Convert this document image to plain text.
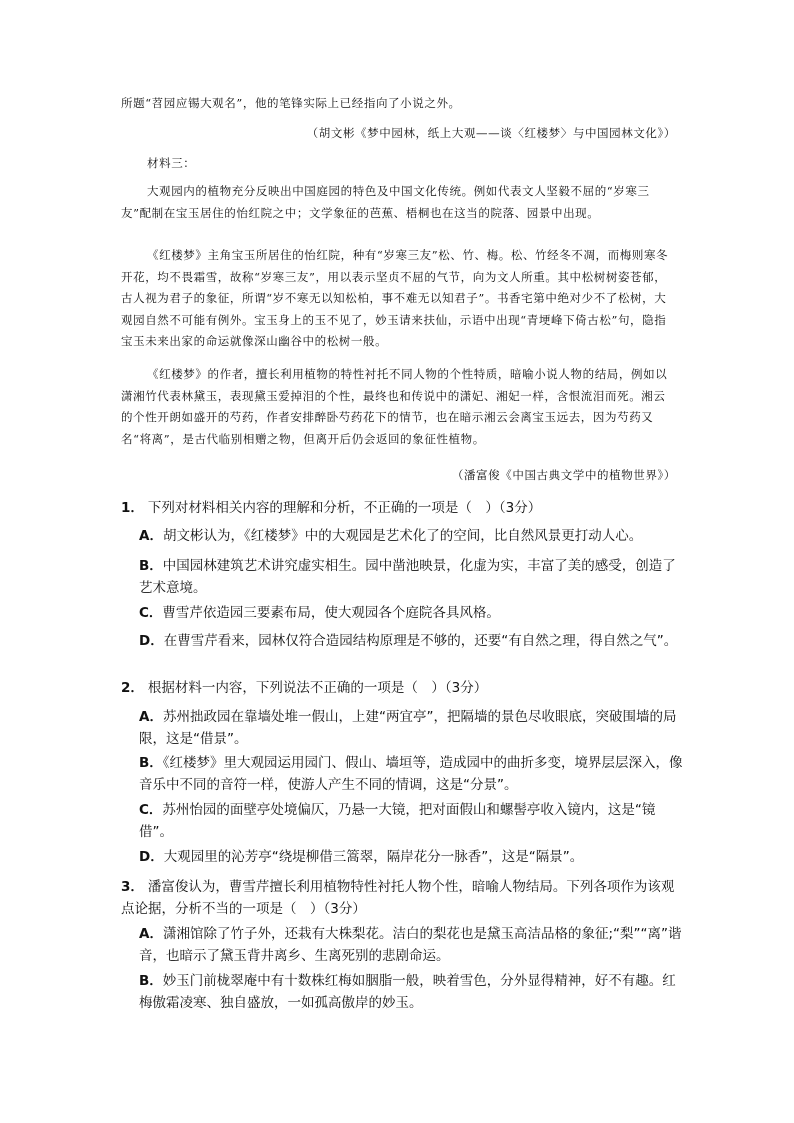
所题“苕园应锡大观名”，他的笔锋实际上已经指向了小说之外。
（胡文彬《梦中园林，纸上大观——谈〈红楼梦〉与中国园林文化》）
材料三：
大观园内的植物充分反映出中国庭园的特色及中国文化传统。例如代表文人坚毅不屈的“岁寒三友”配制在宝玉居住的怡红院之中；文学象征的芭蕉、梧桐也在这当的院落、园景中出现。
《红楼梦》主角宝玉所居住的怡红院，种有“岁寒三友”松、竹、梅。松、竹经冬不凋，而梅则寒冬开花，均不畏霜雪，故称“岁寒三友”，用以表示坚贞不屈的气节，向为文人所重。其中松树树姿苍郁，古人视为君子的象征，所谓“岁不寒无以知松柏，事不难无以知君子”。书香宅第中绝对少不了松树，大观园自然不可能有例外。宝玉身上的玉不见了，妙玉请来扶仙，示语中出现“青埂峰下倚古松”句，隐指宝玉未来出家的命运就像深山幽谷中的松树一般。
《红楼梦》的作者，擅长利用植物的特性衬托不同人物的个性特质，暗喻小说人物的结局，例如以潇湘竹代表林黛玉，表现黛玉爱掉泪的个性，最终也和传说中的潇妃、湘妃一样，含恨流泪而死。湘云的个性开朗如盛开的芍药，作者安排醉卧芍药花下的情节，也在暗示湘云会离宝玉远去，因为芍药又名“将离”，是古代临别相赠之物，但离开后仍会返回的象征性植物。
（潘富俊《中国古典文学中的植物世界》）
1． 下列对材料相关内容的理解和分析，不正确的一项是（　）（3分）
A．胡文彬认为，《红楼梦》中的大观园是艺术化了的空间，比自然风景更打动人心。
B．中国园林建筑艺术讲究虚实相生。园中凿池映景，化虚为实，丰富了美的感受，创造了艺术意境。
C．曹雪芹依造园三要素布局，使大观园各个庭院各具风格。
D．在曹雪芹看来，园林仅符合造园结构原理是不够的，还要“有自然之理，得自然之气”。
2． 根据材料一内容，下列说法不正确的一项是（　）（3分）
A．苏州拙政园在靠墙处堆一假山，上建“两宜亭”，把隔墙的景色尽收眼底，突破围墙的局限，这是“借景”。
B．《红楼梦》里大观园运用园门、假山、墙垣等，造成园中的曲折多变，境界层层深入，像音乐中不同的音符一样，使游人产生不同的情调，这是“分景”。
C．苏州怡园的面壁亭处境偏仄，乃悬一大镜，把对面假山和螺髻亭收入镜内，这是“镜借”。
D．大观园里的沁芳亭“绕堤柳借三篙翠，隔岸花分一脉香”，这是“隔景”。
3． 潘富俊认为，曹雪芹擅长利用植物特性衬托人物个性，暗喻人物结局。下列各项作为该观点论据，分析不当的一项是（　）（3分）
A．潇湘馆除了竹子外，还栽有大株梨花。洁白的梨花也是黛玉高洁品格的象征;“梨”“离”谐音，也暗示了黛玉背井离乡、生离死别的悲剧命运。
B．妙玉门前栊翠庵中有十数株红梅如胭脂一般，映着雪色，分外显得精神，好不有趣。红梅傲霜凌寒、独自盛放，一如孤高傲岸的妙玉。
